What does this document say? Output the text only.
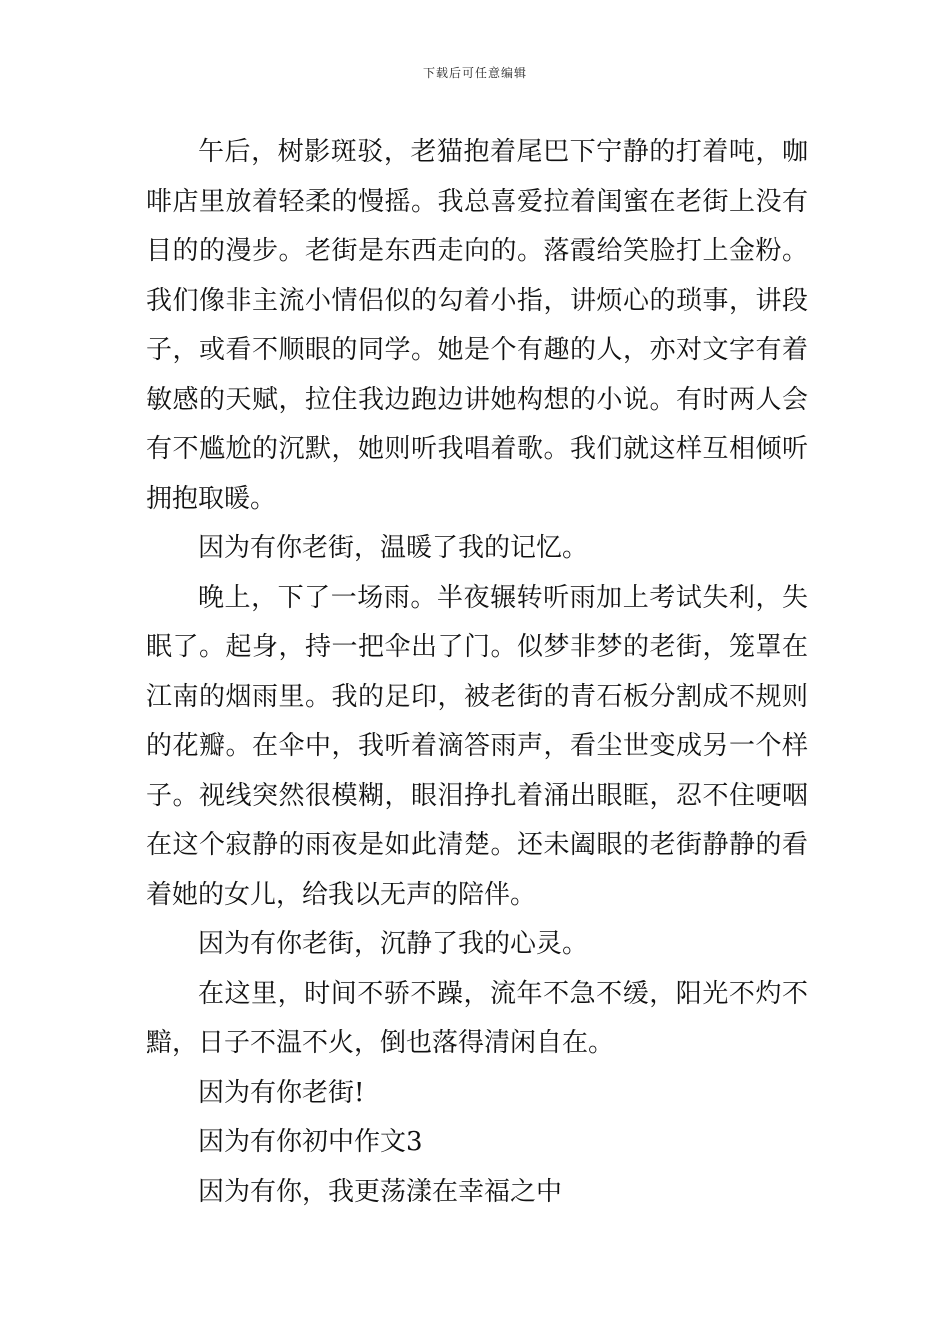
下载后可任意编辑

午后，树影斑驳，老猫抱着尾巴下宁静的打着吨，咖啡店里放着轻柔的慢摇。我总喜爱拉着闺蜜在老街上没有目的的漫步。老街是东西走向的。落霞给笑脸打上金粉。我们像非主流小情侣似的勾着小指，讲烦心的琐事，讲段子，或看不顺眼的同学。她是个有趣的人，亦对文字有着敏感的天赋，拉住我边跑边讲她构想的小说。有时两人会有不尴尬的沉默，她则听我唱着歌。我们就这样互相倾听拥抱取暖。

因为有你老街，温暖了我的记忆。

晚上，下了一场雨。半夜辗转听雨加上考试失利，失眠了。起身，持一把伞出了门。似梦非梦的老街，笼罩在江南的烟雨里。我的足印，被老街的青石板分割成不规则的花瓣。在伞中，我听着滴答雨声，看尘世变成另一个样子。视线突然很模糊，眼泪挣扎着涌出眼眶，忍不住哽咽在这个寂静的雨夜是如此清楚。还未阖眼的老街静静的看着她的女儿，给我以无声的陪伴。

因为有你老街，沉静了我的心灵。

在这里，时间不骄不躁，流年不急不缓，阳光不灼不黯，日子不温不火，倒也落得清闲自在。

因为有你老街!

因为有你初中作文3

因为有你，我更荡漾在幸福之中
